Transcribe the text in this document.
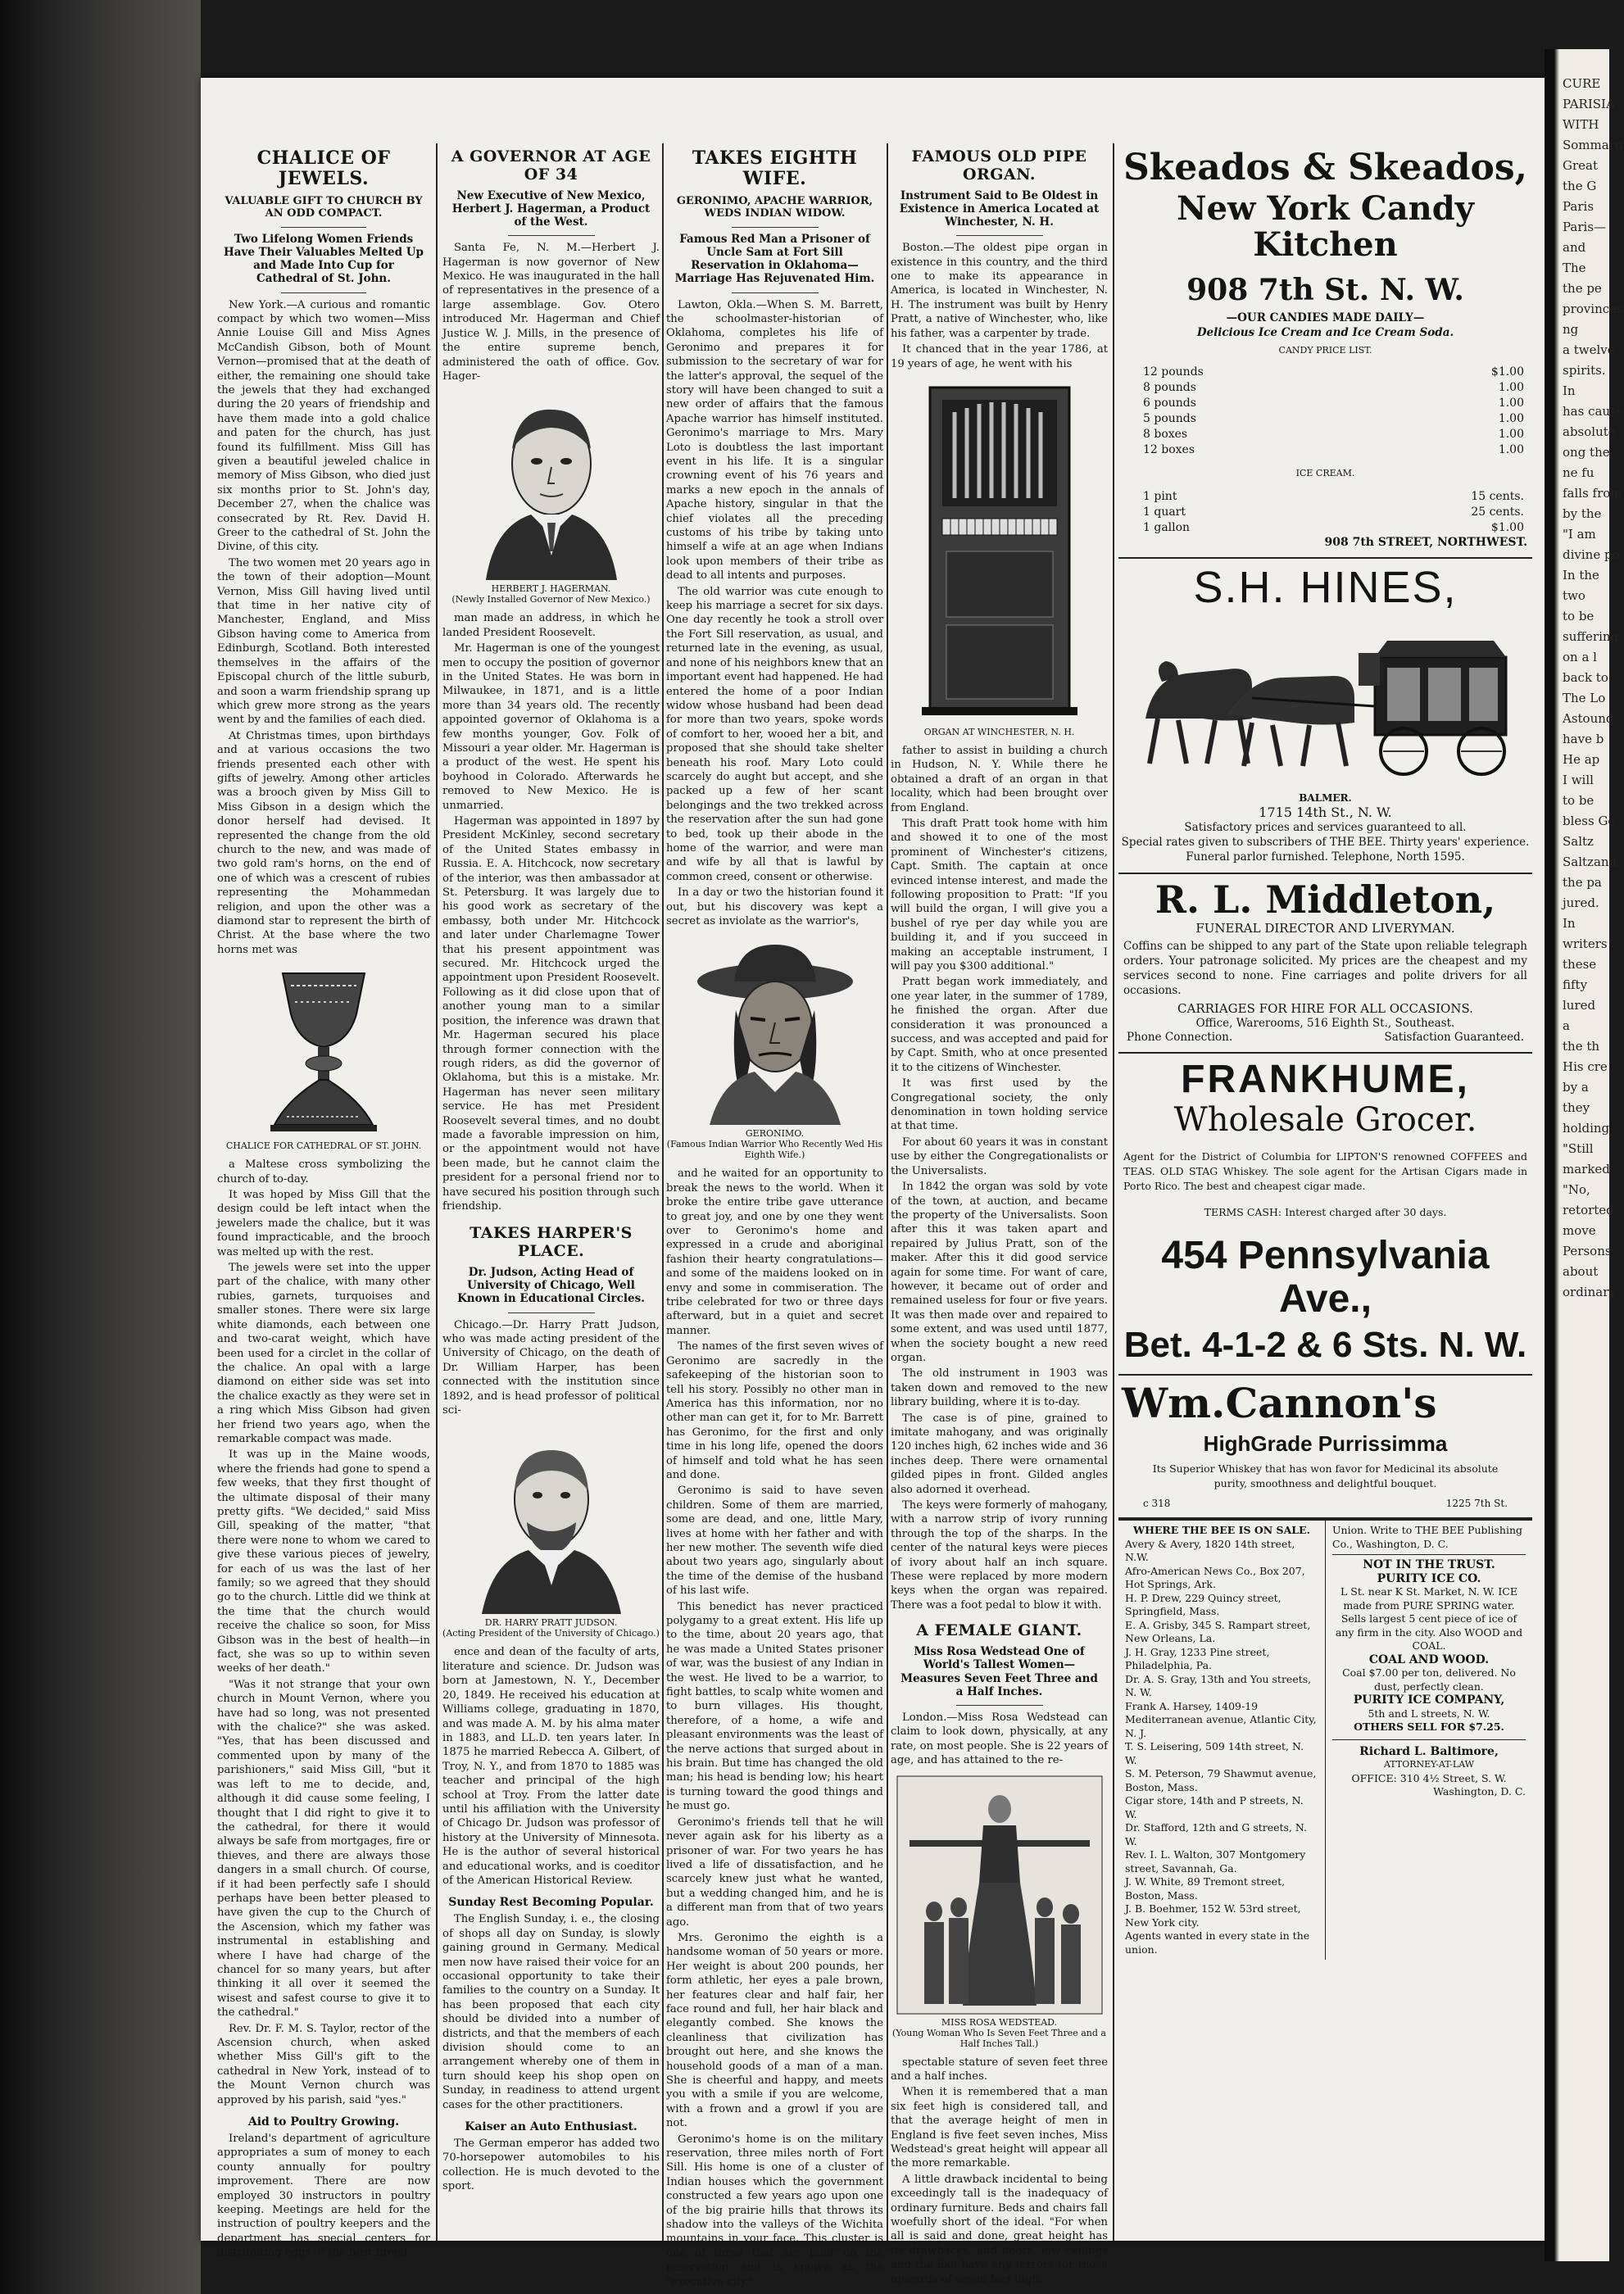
CHALICE OF JEWELS.
VALUABLE GIFT TO CHURCH BY AN ODD COMPACT.
Two Lifelong Women Friends Have Their Valuables Melted Up and Made Into Cup for Cathedral of St. John.

New York.—A curious and romantic compact by which two women—Miss Annie Louise Gill and Miss Agnes McCandish Gibson, both of Mount Vernon—promised that at the death of either, the remaining one should take the jewels that they had exchanged during the 20 years of friendship and have them made into a gold chalice and paten for the church, has just found its fulfillment. Miss Gill has given a beautiful jeweled chalice in memory of Miss Gibson, who died just six months prior to St. John's day, December 27, when the chalice was consecrated by Rt. Rev. David H. Greer to the cathedral of St. John the Divine, of this city.

The two women met 20 years ago in the town of their adoption—Mount Vernon, Miss Gill having lived until that time in her native city of Manchester, England, and Miss Gibson having come to America from Edinburgh, Scotland. Both interested themselves in the affairs of the Episcopal church of the little suburb, and soon a warm friendship sprang up which grew more strong as the years went by and the families of each died.

At Christmas times, upon birthdays and at various occasions the two friends presented each other with gifts of jewelry. Among other articles was a brooch given by Miss Gill to Miss Gibson in a design which the donor herself had devised. It represented the change from the old church to the new, and was made of two gold ram's horns, on the end of one of which was a crescent of rubies representing the Mohammedan religion, and upon the other was a diamond star to represent the birth of Christ. At the base where the two horns met was

CHALICE FOR CATHEDRAL OF ST. JOHN.

a Maltese cross symbolizing the church of to-day.

It was hoped by Miss Gill that the design could be left intact when the jewelers made the chalice, but it was found impracticable, and the brooch was melted up with the rest.

The jewels were set into the upper part of the chalice, with many other rubies, garnets, turquoises and smaller stones. There were six large white diamonds, each between one and two-carat weight, which have been used for a circlet in the collar of the chalice. An opal with a large diamond on either side was set into the chalice exactly as they were set in a ring which Miss Gibson had given her friend two years ago, when the remarkable compact was made.

It was up in the Maine woods, where the friends had gone to spend a few weeks, that they first thought of the ultimate disposal of their many pretty gifts. "We decided," said Miss Gill, speaking of the matter, "that there were none to whom we cared to give these various pieces of jewelry, for each of us was the last of her family; so we agreed that they should go to the church. Little did we think at the time that the church would receive the chalice so soon, for Miss Gibson was in the best of health—in fact, she was so up to within seven weeks of her death."

"Was it not strange that your own church in Mount Vernon, where you have had so long, was not presented with the chalice?" she was asked. "Yes, that has been discussed and commented upon by many of the parishioners," said Miss Gill, "but it was left to me to decide, and, although it did cause some feeling, I thought that I did right to give it to the cathedral, for there it would always be safe from mortgages, fire or thieves, and there are always those dangers in a small church. Of course, if it had been perfectly safe I should perhaps have been better pleased to have given the cup to the Church of the Ascension, which my father was instrumental in establishing and where I have had charge of the chancel for so many years, but after thinking it all over it seemed the wisest and safest course to give it to the cathedral."

Rev. Dr. F. M. S. Taylor, rector of the Ascension church, when asked whether Miss Gill's gift to the cathedral in New York, instead of to the Mount Vernon church was approved by his parish, said "yes."

Aid to Poultry Growing.

Ireland's department of agriculture appropriates a sum of money to each county annually for poultry improvement. There are now employed 30 instructors in poultry keeping. Meetings are held for the instruction of poultry keepers and the department has special centers for distributing eggs of the best breed.

A GOVERNOR AT AGE OF 34
New Executive of New Mexico, Herbert J. Hagerman, a Product of the West.

Santa Fe, N. M.—Herbert J. Hagerman is now governor of New Mexico. He was inaugurated in the hall of representatives in the presence of a large assemblage. Gov. Otero introduced Mr. Hagerman and Chief Justice W. J. Mills, in the presence of the entire supreme bench, administered the oath of office. Gov. Hager-

HERBERT J. HAGERMAN.
(Newly Installed Governor of New Mexico.)

man made an address, in which he landed President Roosevelt.

Mr. Hagerman is one of the youngest men to occupy the position of governor in the United States. He was born in Milwaukee, in 1871, and is a little more than 34 years old. The recently appointed governor of Oklahoma is a few months younger, Gov. Folk of Missouri a year older. Mr. Hagerman is a product of the west. He spent his boyhood in Colorado. Afterwards he removed to New Mexico. He is unmarried.

Hagerman was appointed in 1897 by President McKinley, second secretary of the United States embassy in Russia. E. A. Hitchcock, now secretary of the interior, was then ambassador at St. Petersburg. It was largely due to his good work as secretary of the embassy, both under Mr. Hitchcock and later under Charlemagne Tower that his present appointment was secured. Mr. Hitchcock urged the appointment upon President Roosevelt. Following as it did close upon that of another young man to a similar position, the inference was drawn that Mr. Hagerman secured his place through former connection with the rough riders, as did the governor of Oklahoma, but this is a mistake. Mr. Hagerman has never seen military service. He has met President Roosevelt several times, and no doubt made a favorable impression on him, or the appointment would not have been made, but he cannot claim the president for a personal friend nor to have secured his position through such friendship.

TAKES HARPER'S PLACE.
Dr. Judson, Acting Head of University of Chicago, Well Known in Educational Circles.

Chicago.—Dr. Harry Pratt Judson, who was made acting president of the University of Chicago, on the death of Dr. William Harper, has been connected with the institution since 1892, and is head professor of political sci-

DR. HARRY PRATT JUDSON.
(Acting President of the University of Chicago.)

ence and dean of the faculty of arts, literature and science. Dr. Judson was born at Jamestown, N. Y., December 20, 1849. He received his education at Williams college, graduating in 1870, and was made A. M. by his alma mater in 1883, and LL.D. ten years later. In 1875 he married Rebecca A. Gilbert, of Troy, N. Y., and from 1870 to 1885 was teacher and principal of the high school at Troy. From the latter date until his affiliation with the University of Chicago Dr. Judson was professor of history at the University of Minnesota. He is the author of several historical and educational works, and is coeditor of the American Historical Review.

Sunday Rest Becoming Popular.

The English Sunday, i. e., the closing of shops all day on Sunday, is slowly gaining ground in Germany. Medical men now have raised their voice for an occasional opportunity to take their families to the country on a Sunday. It has been proposed that each city should be divided into a number of districts, and that the members of each division should come to an arrangement whereby one of them in turn should keep his shop open on Sunday, in readiness to attend urgent cases for the other practitioners.

Kaiser an Auto Enthusiast.

The German emperor has added two 70-horsepower automobiles to his collection. He is much devoted to the sport.

TAKES EIGHTH WIFE.
GERONIMO, APACHE WARRIOR, WEDS INDIAN WIDOW.
Famous Red Man a Prisoner of Uncle Sam at Fort Sill Reservation in Oklahoma—Marriage Has Rejuvenated Him.

Lawton, Okla.—When S. M. Barrett, the schoolmaster-historian of Oklahoma, completes his life of Geronimo and prepares it for submission to the secretary of war for the latter's approval, the sequel of the story will have been changed to suit a new order of affairs that the famous Apache warrior has himself instituted. Geronimo's marriage to Mrs. Mary Loto is doubtless the last important event in his life. It is a singular crowning event of his 76 years and marks a new epoch in the annals of Apache history, singular in that the chief violates all the preceding customs of his tribe by taking unto himself a wife at an age when Indians look upon members of their tribe as dead to all intents and purposes.

The old warrior was cute enough to keep his marriage a secret for six days. One day recently he took a stroll over the Fort Sill reservation, as usual, and returned late in the evening, as usual, and none of his neighbors knew that an important event had happened. He had entered the home of a poor Indian widow whose husband had been dead for more than two years, spoke words of comfort to her, wooed her a bit, and proposed that she should take shelter beneath his roof. Mary Loto could scarcely do aught but accept, and she packed up a few of her scant belongings and the two trekked across the reservation after the sun had gone to bed, took up their abode in the home of the warrior, and were man and wife by all that is lawful by common creed, consent or otherwise.

In a day or two the historian found it out, but his discovery was kept a secret as inviolate as the warrior's,

GERONIMO.
(Famous Indian Warrior Who Recently Wed His Eighth Wife.)

and he waited for an opportunity to break the news to the world. When it broke the entire tribe gave utterance to great joy, and one by one they went over to Geronimo's home and expressed in a crude and aboriginal fashion their hearty congratulations—and some of the maidens looked on in envy and some in commiseration. The tribe celebrated for two or three days afterward, but in a quiet and secret manner.

The names of the first seven wives of Geronimo are sacredly in the safekeeping of the historian soon to tell his story. Possibly no other man in America has this information, nor no other man can get it, for to Mr. Barrett has Geronimo, for the first and only time in his long life, opened the doors of himself and told what he has seen and done.

Geronimo is said to have seven children. Some of them are married, some are dead, and one, little Mary, lives at home with her father and with her new mother. The seventh wife died about two years ago, singularly about the time of the demise of the husband of his last wife.

This benedict has never practiced polygamy to a great extent. His life up to the time, about 20 years ago, that he was made a United States prisoner of war, was the busiest of any Indian in the west. He lived to be a warrior, to fight battles, to scalp white women and to burn villages. His thought, therefore, of a home, a wife and pleasant environments was the least of the nerve actions that surged about in his brain. But time has changed the old man; his head is bending low; his heart is turning toward the good things and he must go.

Geronimo's friends tell that he will never again ask for his liberty as a prisoner of war. For two years he has lived a life of dissatisfaction, and he scarcely knew just what he wanted, but a wedding changed him, and he is a different man from that of two years ago.

Mrs. Geronimo the eighth is a handsome woman of 50 years or more. Her weight is about 200 pounds, her form athletic, her eyes a pale brown, her features clear and half fair, her face round and full, her hair black and elegantly combed. She knows the cleanliness that civilization has brought out here, and she knows the household goods of a man of a man. She is cheerful and happy, and meets you with a smile if you are welcome, with a frown and a growl if you are not.

Geronimo's home is on the military reservation, three miles north of Fort Sill. His home is one of a cluster of Indian houses which the government constructed a few years ago upon one of the big prairie hills that throws its shadow into the valleys of the Wichita mountains in your face. This cluster is one of three that are built on the reservation and is known as the "executive city."

FAMOUS OLD PIPE ORGAN.
Instrument Said to Be Oldest in Existence in America Located at Winchester, N. H.

Boston.—The oldest pipe organ in existence in this country, and the third one to make its appearance in America, is located in Winchester, N. H. The instrument was built by Henry Pratt, a native of Winchester, who, like his father, was a carpenter by trade.

It chanced that in the year 1786, at 19 years of age, he went with his

ORGAN AT WINCHESTER, N. H.

father to assist in building a church in Hudson, N. Y. While there he obtained a draft of an organ in that locality, which had been brought over from England.

This draft Pratt took home with him and showed it to one of the most prominent of Winchester's citizens, Capt. Smith. The captain at once evinced intense interest, and made the following proposition to Pratt: "If you will build the organ, I will give you a bushel of rye per day while you are building it, and if you succeed in making an acceptable instrument, I will pay you $300 additional."

Pratt began work immediately, and one year later, in the summer of 1789, he finished the organ. After due consideration it was pronounced a success, and was accepted and paid for by Capt. Smith, who at once presented it to the citizens of Winchester.

It was first used by the Congregational society, the only denomination in town holding service at that time.

For about 60 years it was in constant use by either the Congregationalists or the Universalists.

In 1842 the organ was sold by vote of the town, at auction, and became the property of the Universalists. Soon after this it was taken apart and repaired by Julius Pratt, son of the maker. After this it did good service again for some time. For want of care, however, it became out of order and remained useless for four or five years. It was then made over and repaired to some extent, and was used until 1877, when the society bought a new reed organ.

The old instrument in 1903 was taken down and removed to the new library building, where it is to-day.

The case is of pine, grained to imitate mahogany, and was originally 120 inches high, 62 inches wide and 36 inches deep. There were ornamental gilded pipes in front. Gilded angles also adorned it overhead.

The keys were formerly of mahogany, with a narrow strip of ivory running through the top of the sharps. In the center of the natural keys were pieces of ivory about half an inch square. These were replaced by more modern keys when the organ was repaired. There was a foot pedal to blow it with.

A FEMALE GIANT.
Miss Rosa Wedstead One of World's Tallest Women—Measures Seven Feet Three and a Half Inches.

London.—Miss Rosa Wedstead can claim to look down, physically, at any rate, on most people. She is 22 years of age, and has attained to the re-

MISS ROSA WEDSTEAD.
(Young Woman Who Is Seven Feet Three and a Half Inches Tall.)

spectable stature of seven feet three and a half inches.

When it is remembered that a man six feet high is considered tall, and that the average height of men in England is five feet seven inches, Miss Wedstead's great height will appear all the more remarkable.

A little drawback incidental to being exceedingly tall is the inadequacy of ordinary furniture. Beds and chairs fall woefully short of the ideal. "For when all is said and done, great height has its drawbacks, and doors, low ceilings and the like have any terrors for those upwards of seven feet high.

Skeados & Skeados,
New York Candy Kitchen
908 7th St. N. W.
—OUR CANDIES MADE DAILY—
Delicious Ice Cream and Ice Cream Soda.
CANDY PRICE LIST.
12 pounds	$1.00
8 pounds	1.00
6 pounds	1.00
5 pounds	1.00
8 boxes	1.00
12 boxes	1.00
ICE CREAM.
1 pint	15 cents.
1 quart	25 cents.
1 gallon	$1.00
908 7th STREET, NORTHWEST.
S.H. HINES,
BALMER.
1715 14th St., N. W.
Satisfactory prices and services guaranteed to all.
Special rates given to subscribers of THE BEE. Thirty years' experience. Funeral parlor furnished. Telephone, North 1595.
R. L. Middleton,
FUNERAL DIRECTOR AND LIVERYMAN.
Coffins can be shipped to any part of the State upon reliable telegraph orders. Your patronage solicited. My prices are the cheapest and my services second to none. Fine carriages and polite drivers for all occasions.
CARRIAGES FOR HIRE FOR ALL OCCASIONS.
Office, Warerooms, 516 Eighth St., Southeast.
Phone Connection.	Satisfaction Guaranteed.
FRANKHUME,
Wholesale Grocer.
Agent for the District of Columbia for LIPTON'S renowned COFFEES and TEAS. OLD STAG Whiskey. The sole agent for the Artisan Cigars made in Porto Rico. The best and cheapest cigar made.
TERMS CASH: Interest charged after 30 days.
454 Pennsylvania Ave.,
Bet. 4-1-2 & 6 Sts. N. W.
Wm.Cannon's
HighGrade Purrissimma
Its Superior Whiskey that has won favor for Medicinal its absolute purity, smoothness and delightful bouquet.
c 318	1225 7th St.
WHERE THE BEE IS ON SALE.
Avery & Avery, 1820 14th street, N.W.
Afro-American News Co., Box 207, Hot Springs, Ark.
H. P. Drew, 229 Quincy street, Springfield, Mass.
E. A. Grisby, 345 S. Rampart street, New Orleans, La.
J. H. Gray, 1233 Pine street, Philadelphia, Pa.
Dr. A. S. Gray, 13th and You streets, N. W.
Frank A. Harsey, 1409-19 Mediterranean avenue, Atlantic City, N. J.
T. S. Leisering, 509 14th street, N. W.
S. M. Peterson, 79 Shawmut avenue, Boston, Mass.
Cigar store, 14th and P streets, N. W.
Dr. Stafford, 12th and G streets, N. W.
Rev. I. L. Walton, 307 Montgomery street, Savannah, Ga.
J. W. White, 89 Tremont street, Boston, Mass.
J. B. Boehmer, 152 W. 53rd street, New York city.
Agents wanted in every state in the union.
Union. Write to THE BEE Publishing Co., Washington, D. C.
NOT IN THE TRUST.
PURITY ICE CO.
L St. near K St. Market, N. W. ICE made from PURE SPRING water. Sells largest 5 cent piece of ice of any firm in the city. Also WOOD and COAL.
COAL AND WOOD.
Coal $7.00 per ton, delivered. No dust, perfectly clean.
PURITY ICE COMPANY,
5th and L streets, N. W.
OTHERS SELL FOR $7.25.
Richard L. Baltimore,
ATTORNEY-AT-LAW
OFFICE: 310 4½ Street, S. W.
Washington, D. C.
CURE
PARISIA
WITH
Sommaru
Great
the G
Paris
Paris—
and
The
the pe
provinces
ng
a twelve
spirits.
In
has cause
absolute
ong the
ne fu
falls from
by the
"I am
divine po
In the
two
to be
suffering
on a l
back to
The Lo
Astound
have b
He ap
I will
to be
bless Go
Saltz
Saltzand
the pa
jured.
In
writers
these
fifty
lured
a
the th
His cre
by a
they
holding
"Still
marked
"No,
retorted
move
Persons
about
ordinary
